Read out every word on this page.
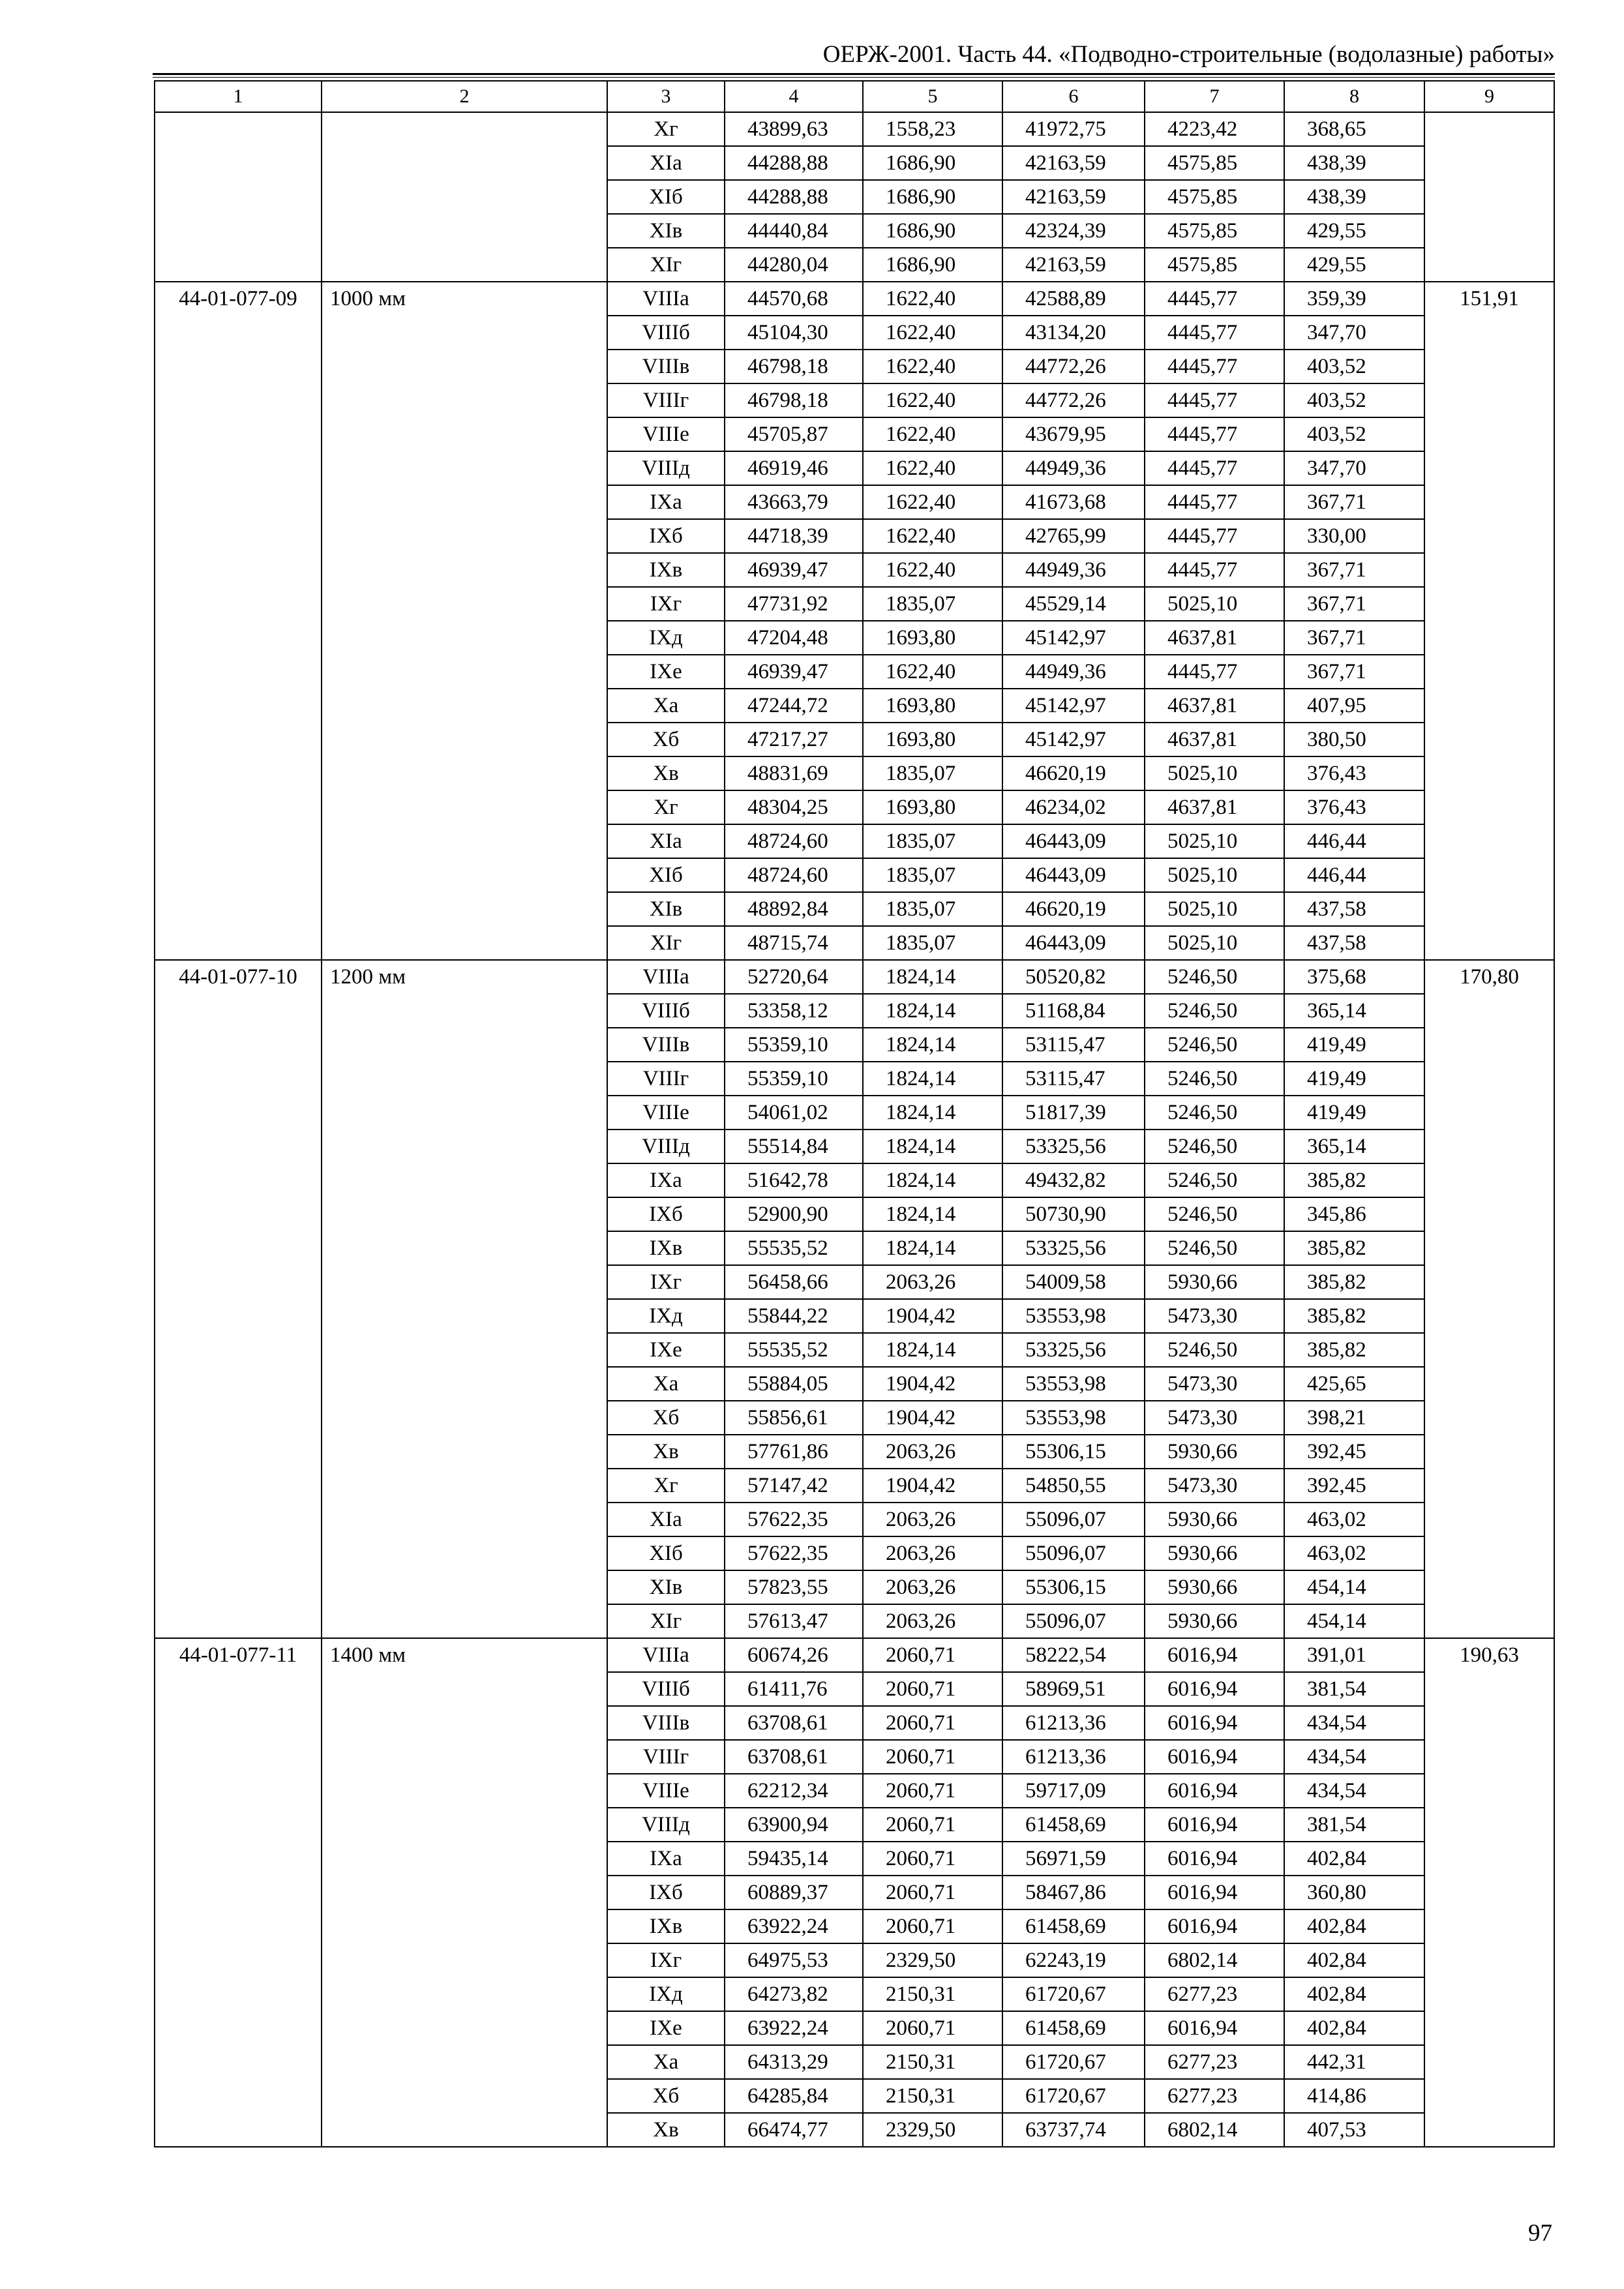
ОЕРЖ-2001. Часть 44. «Подводно-строительные (водолазные) работы»
1	2	3	4	5	6	7	8	9
		Xг	43899,63	1558,23	41972,75	4223,42	368,65	
		XIа	44288,88	1686,90	42163,59	4575,85	438,39	
		XIб	44288,88	1686,90	42163,59	4575,85	438,39	
		XIв	44440,84	1686,90	42324,39	4575,85	429,55	
		XIг	44280,04	1686,90	42163,59	4575,85	429,55	
44-01-077-09	1000 мм	VIIIа	44570,68	1622,40	42588,89	4445,77	359,39	151,91
		VIIIб	45104,30	1622,40	43134,20	4445,77	347,70	
		VIIIв	46798,18	1622,40	44772,26	4445,77	403,52	
		VIIIг	46798,18	1622,40	44772,26	4445,77	403,52	
		VIIIе	45705,87	1622,40	43679,95	4445,77	403,52	
		VIIIд	46919,46	1622,40	44949,36	4445,77	347,70	
		IXа	43663,79	1622,40	41673,68	4445,77	367,71	
		IXб	44718,39	1622,40	42765,99	4445,77	330,00	
		IXв	46939,47	1622,40	44949,36	4445,77	367,71	
		IXг	47731,92	1835,07	45529,14	5025,10	367,71	
		IXд	47204,48	1693,80	45142,97	4637,81	367,71	
		IXе	46939,47	1622,40	44949,36	4445,77	367,71	
		Xа	47244,72	1693,80	45142,97	4637,81	407,95	
		Xб	47217,27	1693,80	45142,97	4637,81	380,50	
		Xв	48831,69	1835,07	46620,19	5025,10	376,43	
		Xг	48304,25	1693,80	46234,02	4637,81	376,43	
		XIа	48724,60	1835,07	46443,09	5025,10	446,44	
		XIб	48724,60	1835,07	46443,09	5025,10	446,44	
		XIв	48892,84	1835,07	46620,19	5025,10	437,58	
		XIг	48715,74	1835,07	46443,09	5025,10	437,58	
44-01-077-10	1200 мм	VIIIа	52720,64	1824,14	50520,82	5246,50	375,68	170,80
		VIIIб	53358,12	1824,14	51168,84	5246,50	365,14	
		VIIIв	55359,10	1824,14	53115,47	5246,50	419,49	
		VIIIг	55359,10	1824,14	53115,47	5246,50	419,49	
		VIIIе	54061,02	1824,14	51817,39	5246,50	419,49	
		VIIIд	55514,84	1824,14	53325,56	5246,50	365,14	
		IXа	51642,78	1824,14	49432,82	5246,50	385,82	
		IXб	52900,90	1824,14	50730,90	5246,50	345,86	
		IXв	55535,52	1824,14	53325,56	5246,50	385,82	
		IXг	56458,66	2063,26	54009,58	5930,66	385,82	
		IXд	55844,22	1904,42	53553,98	5473,30	385,82	
		IXе	55535,52	1824,14	53325,56	5246,50	385,82	
		Xа	55884,05	1904,42	53553,98	5473,30	425,65	
		Xб	55856,61	1904,42	53553,98	5473,30	398,21	
		Xв	57761,86	2063,26	55306,15	5930,66	392,45	
		Xг	57147,42	1904,42	54850,55	5473,30	392,45	
		XIа	57622,35	2063,26	55096,07	5930,66	463,02	
		XIб	57622,35	2063,26	55096,07	5930,66	463,02	
		XIв	57823,55	2063,26	55306,15	5930,66	454,14	
		XIг	57613,47	2063,26	55096,07	5930,66	454,14	
44-01-077-11	1400 мм	VIIIа	60674,26	2060,71	58222,54	6016,94	391,01	190,63
		VIIIб	61411,76	2060,71	58969,51	6016,94	381,54	
		VIIIв	63708,61	2060,71	61213,36	6016,94	434,54	
		VIIIг	63708,61	2060,71	61213,36	6016,94	434,54	
		VIIIе	62212,34	2060,71	59717,09	6016,94	434,54	
		VIIIд	63900,94	2060,71	61458,69	6016,94	381,54	
		IXа	59435,14	2060,71	56971,59	6016,94	402,84	
		IXб	60889,37	2060,71	58467,86	6016,94	360,80	
		IXв	63922,24	2060,71	61458,69	6016,94	402,84	
		IXг	64975,53	2329,50	62243,19	6802,14	402,84	
		IXд	64273,82	2150,31	61720,67	6277,23	402,84	
		IXе	63922,24	2060,71	61458,69	6016,94	402,84	
		Xа	64313,29	2150,31	61720,67	6277,23	442,31	
		Xб	64285,84	2150,31	61720,67	6277,23	414,86	
		Xв	66474,77	2329,50	63737,74	6802,14	407,53	
97
